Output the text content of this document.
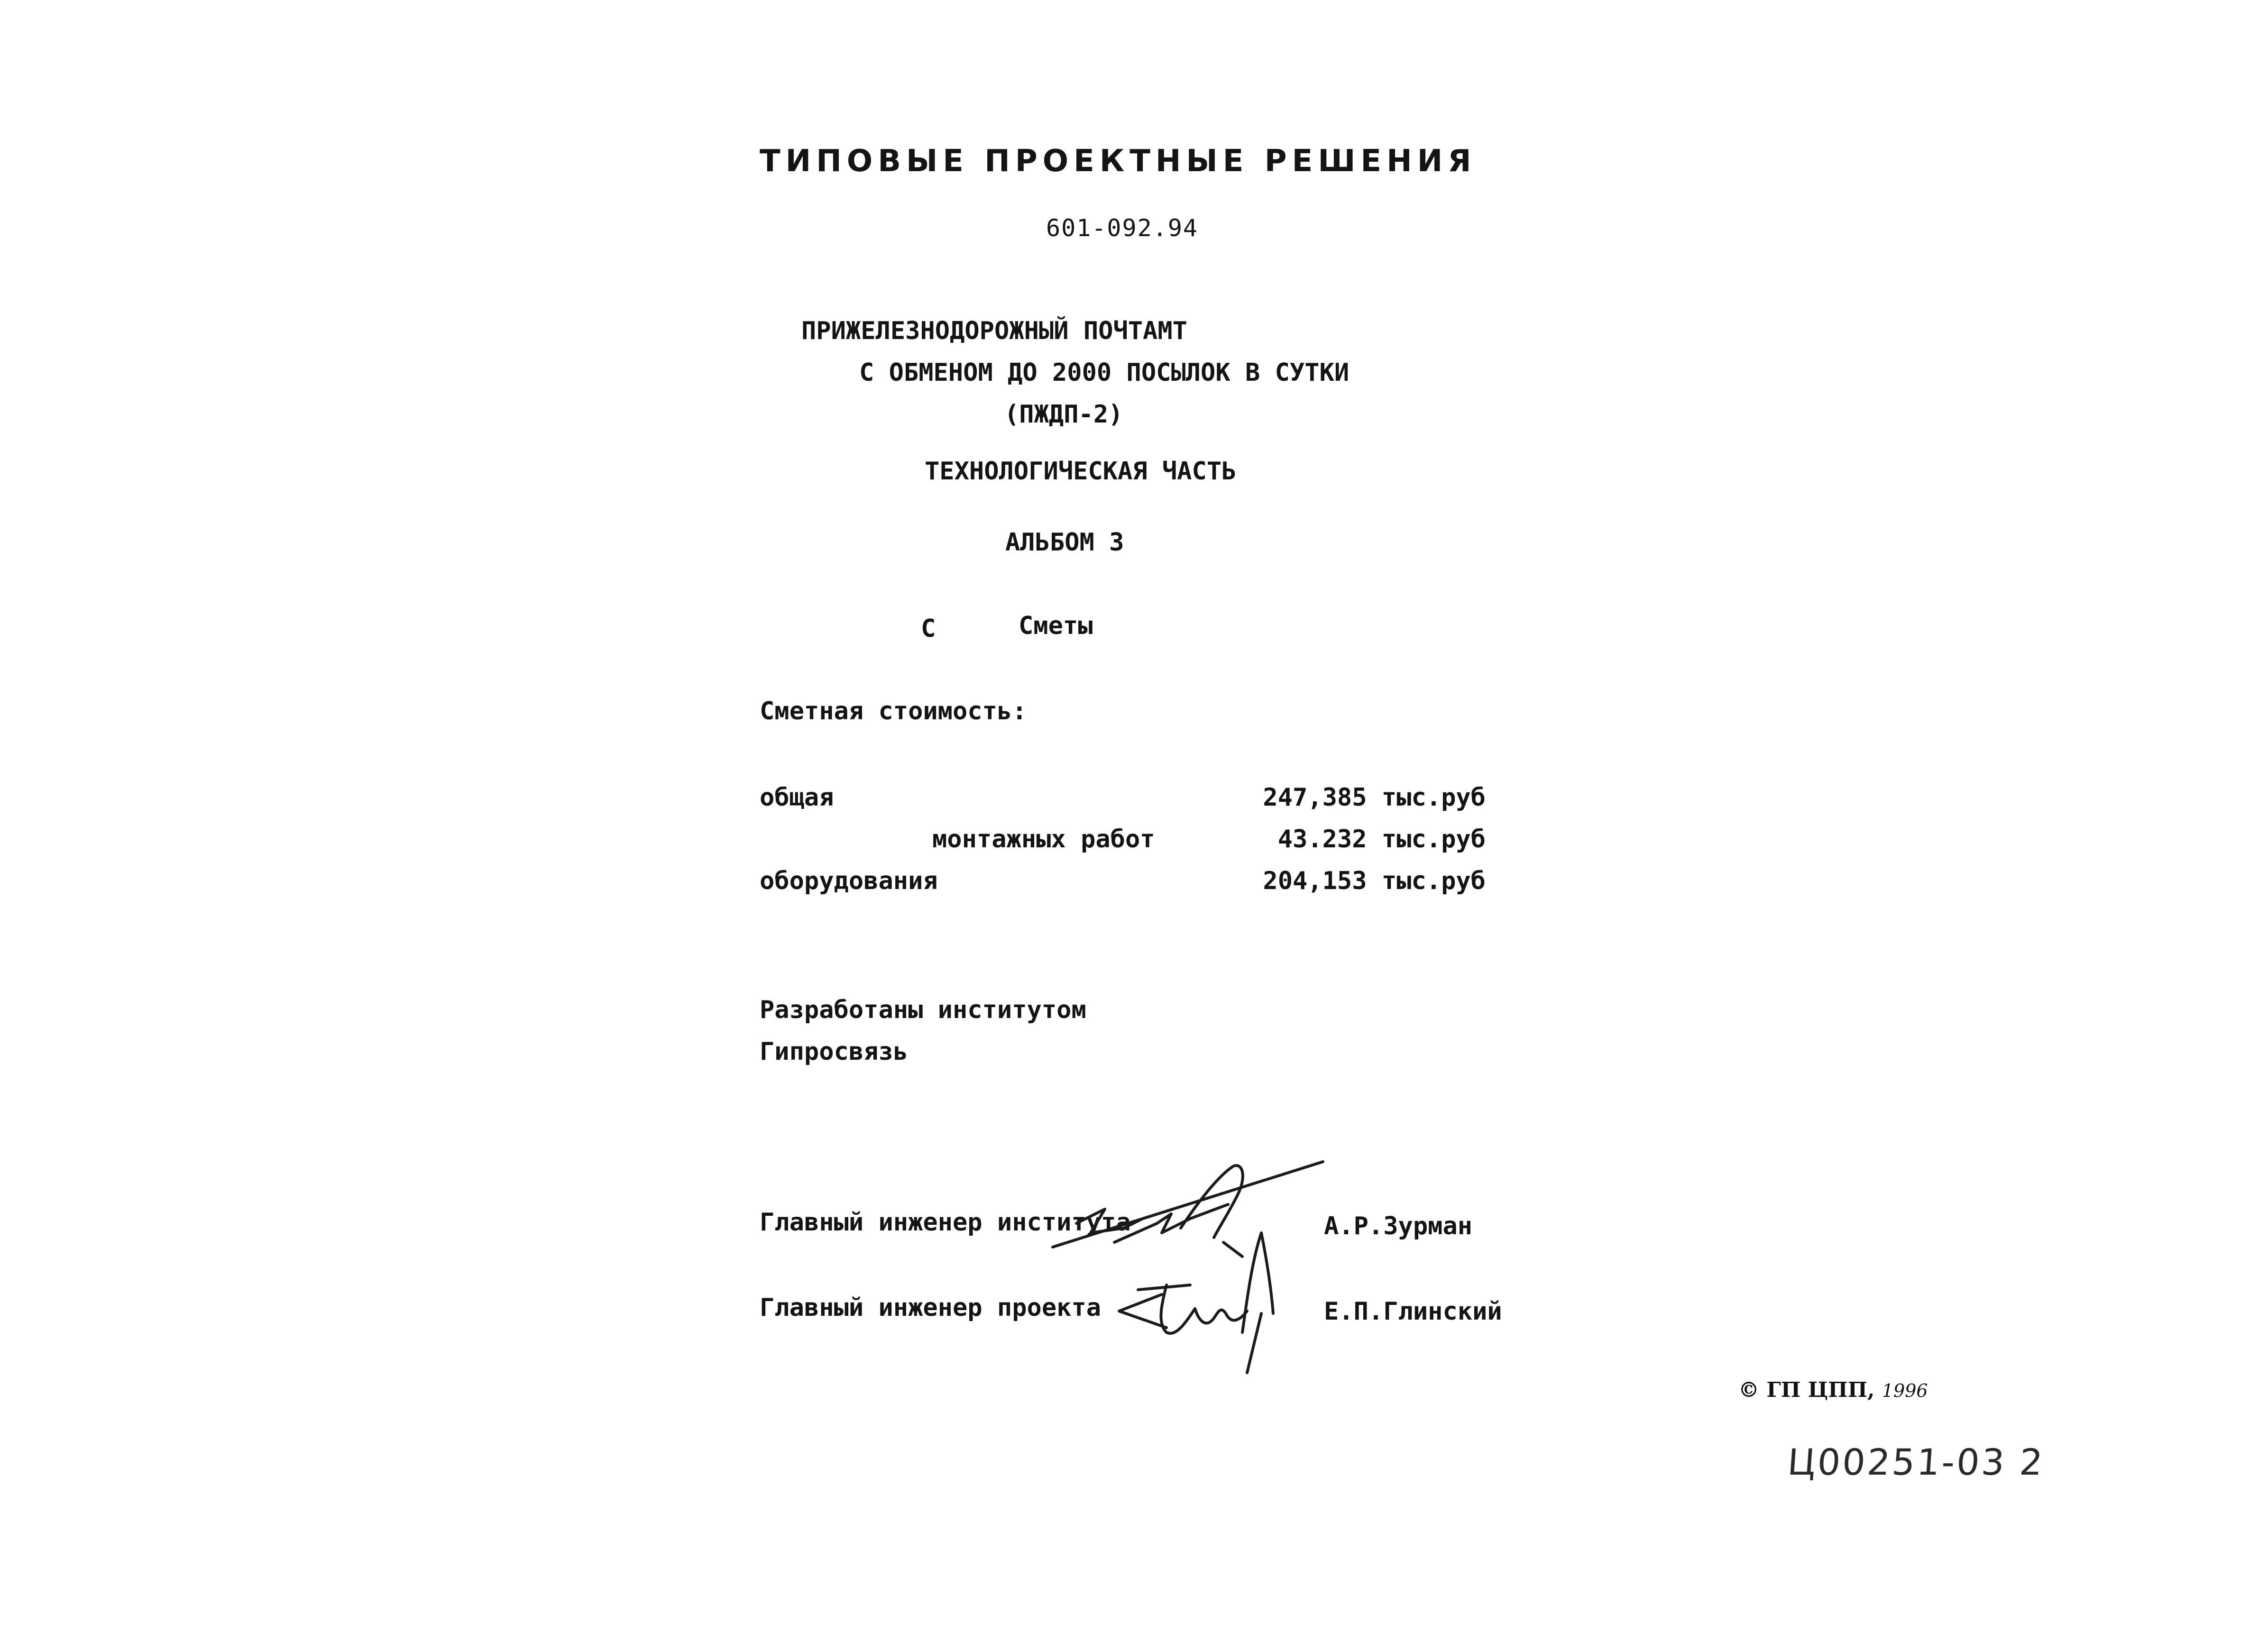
ТИПОВЫЕ ПРОЕКТНЫЕ РЕШЕНИЯ
601-092.94
ПРИЖЕЛЕЗНОДОРОЖНЫЙ ПОЧТАМТ
С ОБМЕНОМ ДО 2000 ПОСЫЛОК В СУТКИ
(ПЖДП-2)
ТЕХНОЛОГИЧЕСКАЯ ЧАСТЬ
АЛЬБОМ 3
С	Сметы
Сметная стоимость:
общая	247,385 тыс.руб
монтажных работ	43.232 тыс.руб
оборудования	204,153 тыс.руб
Разработаны институтом
Гипросвязь
Главный инженер института	А.Р.Зурман
Главный инженер проекта	Е.П.Глинский
© ГП ЦПП, 1996
Ц00251-03 2
